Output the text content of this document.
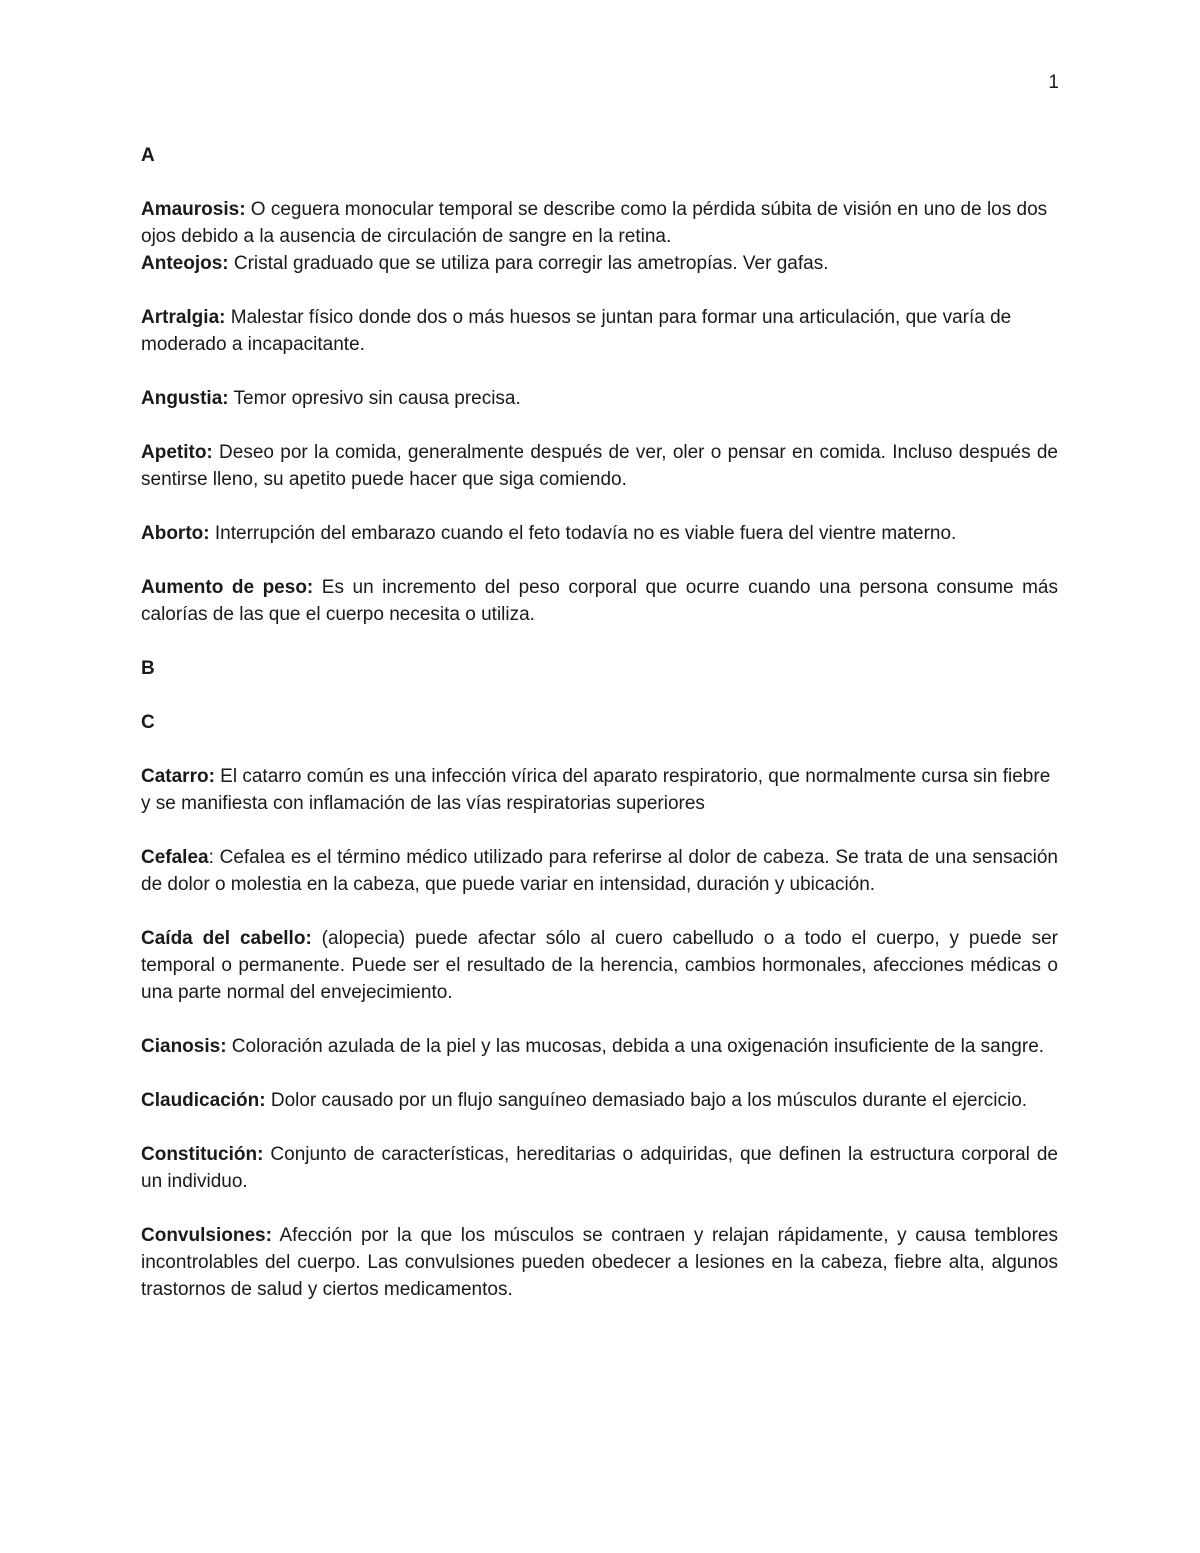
1
A
Amaurosis: O ceguera monocular temporal se describe como la pérdida súbita de visión en uno de los dos ojos debido a la ausencia de circulación de sangre en la retina.
Anteojos: Cristal graduado que se utiliza para corregir las ametropías. Ver gafas.
Artralgia: Malestar físico donde dos o más huesos se juntan para formar una articulación, que varía de moderado a incapacitante.
Angustia: Temor opresivo sin causa precisa.
Apetito: Deseo por la comida, generalmente después de ver, oler o pensar en comida. Incluso después de sentirse lleno, su apetito puede hacer que siga comiendo.
Aborto: Interrupción del embarazo cuando el feto todavía no es viable fuera del vientre materno.
Aumento de peso: Es un incremento del peso corporal que ocurre cuando una persona consume más calorías de las que el cuerpo necesita o utiliza.
B
C
Catarro: El catarro común es una infección vírica del aparato respiratorio, que normalmente cursa sin fiebre y se manifiesta con inflamación de las vías respiratorias superiores
Cefalea: Cefalea es el término médico utilizado para referirse al dolor de cabeza. Se trata de una sensación de dolor o molestia en la cabeza, que puede variar en intensidad, duración y ubicación.
Caída del cabello: (alopecia) puede afectar sólo al cuero cabelludo o a todo el cuerpo, y puede ser temporal o permanente. Puede ser el resultado de la herencia, cambios hormonales, afecciones médicas o una parte normal del envejecimiento.
Cianosis: Coloración azulada de la piel y las mucosas, debida a una oxigenación insuficiente de la sangre.
Claudicación: Dolor causado por un flujo sanguíneo demasiado bajo a los músculos durante el ejercicio.
Constitución: Conjunto de características, hereditarias o adquiridas, que definen la estructura corporal de un individuo.
Convulsiones: Afección por la que los músculos se contraen y relajan rápidamente, y causa temblores incontrolables del cuerpo. Las convulsiones pueden obedecer a lesiones en la cabeza, fiebre alta, algunos trastornos de salud y ciertos medicamentos.
